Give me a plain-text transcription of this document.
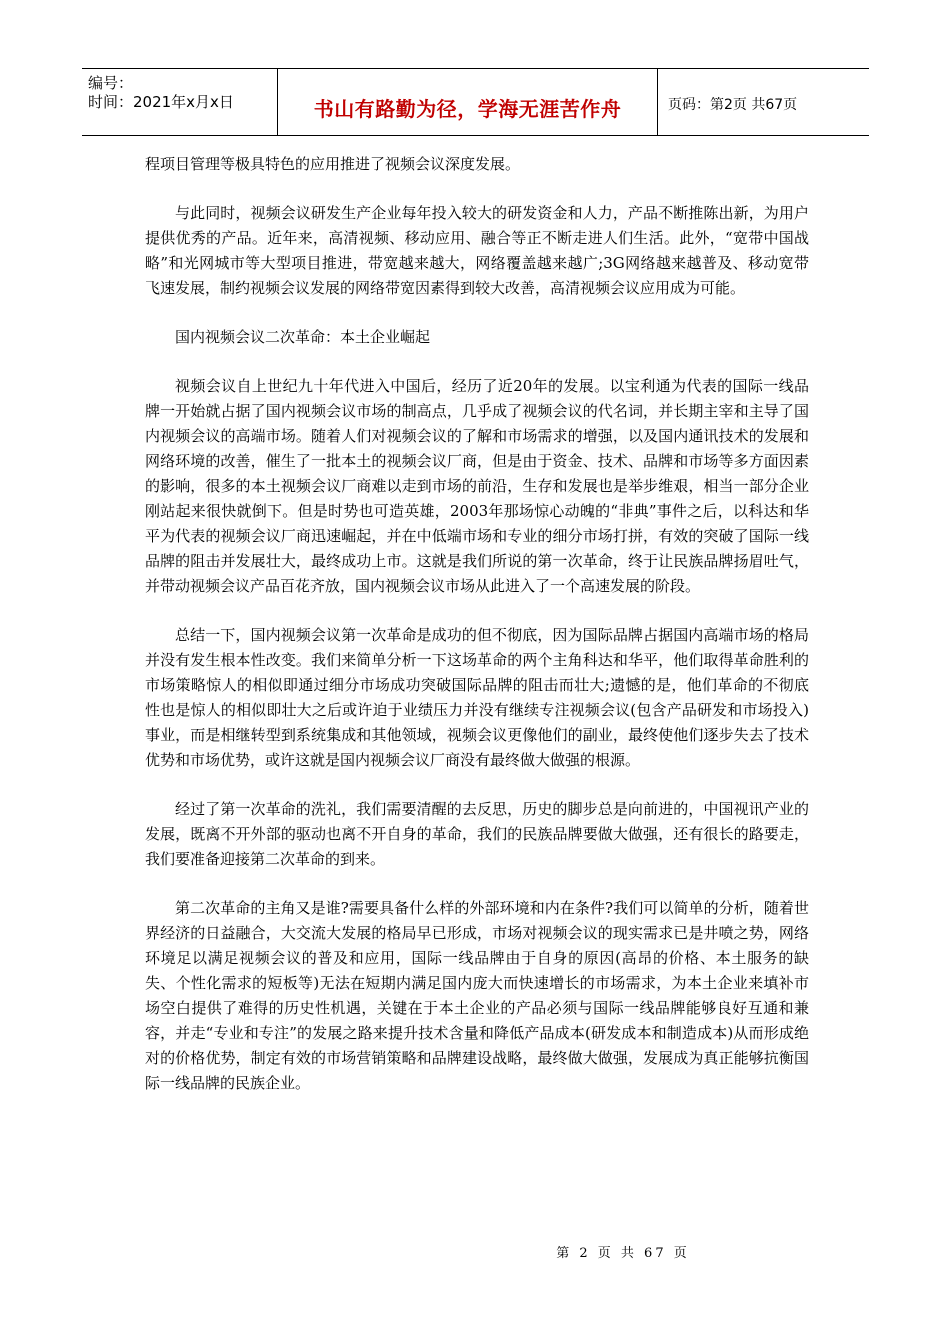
编号：
时间：2021年x月x日	书山有路勤为径，学海无涯苦作舟	页码：第2页 共67页

程项目管理等极具特色的应用推进了视频会议深度发展。

与此同时，视频会议研发生产企业每年投入较大的研发资金和人力，产品不断推陈出新，为用户提供优秀的产品。近年来，高清视频、移动应用、融合等正不断走进人们生活。此外，“宽带中国战略”和光网城市等大型项目推进，带宽越来越大，网络覆盖越来越广;3G网络越来越普及、移动宽带飞速发展，制约视频会议发展的网络带宽因素得到较大改善，高清视频会议应用成为可能。

国内视频会议二次革命：本土企业崛起

视频会议自上世纪九十年代进入中国后，经历了近20年的发展。以宝利通为代表的国际一线品牌一开始就占据了国内视频会议市场的制高点，几乎成了视频会议的代名词，并长期主宰和主导了国内视频会议的高端市场。随着人们对视频会议的了解和市场需求的增强，以及国内通讯技术的发展和网络环境的改善，催生了一批本土的视频会议厂商，但是由于资金、技术、品牌和市场等多方面因素的影响，很多的本土视频会议厂商难以走到市场的前沿，生存和发展也是举步维艰，相当一部分企业刚站起来很快就倒下。但是时势也可造英雄，2003年那场惊心动魄的“非典”事件之后，以科达和华平为代表的视频会议厂商迅速崛起，并在中低端市场和专业的细分市场打拼，有效的突破了国际一线品牌的阻击并发展壮大，最终成功上市。这就是我们所说的第一次革命，终于让民族品牌扬眉吐气，并带动视频会议产品百花齐放，国内视频会议市场从此进入了一个高速发展的阶段。

总结一下，国内视频会议第一次革命是成功的但不彻底，因为国际品牌占据国内高端市场的格局并没有发生根本性改变。我们来简单分析一下这场革命的两个主角科达和华平，他们取得革命胜利的市场策略惊人的相似即通过细分市场成功突破国际品牌的阻击而壮大;遗憾的是，他们革命的不彻底性也是惊人的相似即壮大之后或许迫于业绩压力并没有继续专注视频会议(包含产品研发和市场投入)事业，而是相继转型到系统集成和其他领域，视频会议更像他们的副业，最终使他们逐步失去了技术优势和市场优势，或许这就是国内视频会议厂商没有最终做大做强的根源。

经过了第一次革命的洗礼，我们需要清醒的去反思，历史的脚步总是向前进的，中国视讯产业的发展，既离不开外部的驱动也离不开自身的革命，我们的民族品牌要做大做强，还有很长的路要走，我们要准备迎接第二次革命的到来。

第二次革命的主角又是谁?需要具备什么样的外部环境和内在条件?我们可以简单的分析，随着世界经济的日益融合，大交流大发展的格局早已形成，市场对视频会议的现实需求已是井喷之势，网络环境足以满足视频会议的普及和应用，国际一线品牌由于自身的原因(高昂的价格、本土服务的缺失、个性化需求的短板等)无法在短期内满足国内庞大而快速增长的市场需求，为本土企业来填补市场空白提供了难得的历史性机遇，关键在于本土企业的产品必须与国际一线品牌能够良好互通和兼容，并走“专业和专注”的发展之路来提升技术含量和降低产品成本(研发成本和制造成本)从而形成绝对的价格优势，制定有效的市场营销策略和品牌建设战略，最终做大做强，发展成为真正能够抗衡国际一线品牌的民族企业。

第 2 页 共 67 页
